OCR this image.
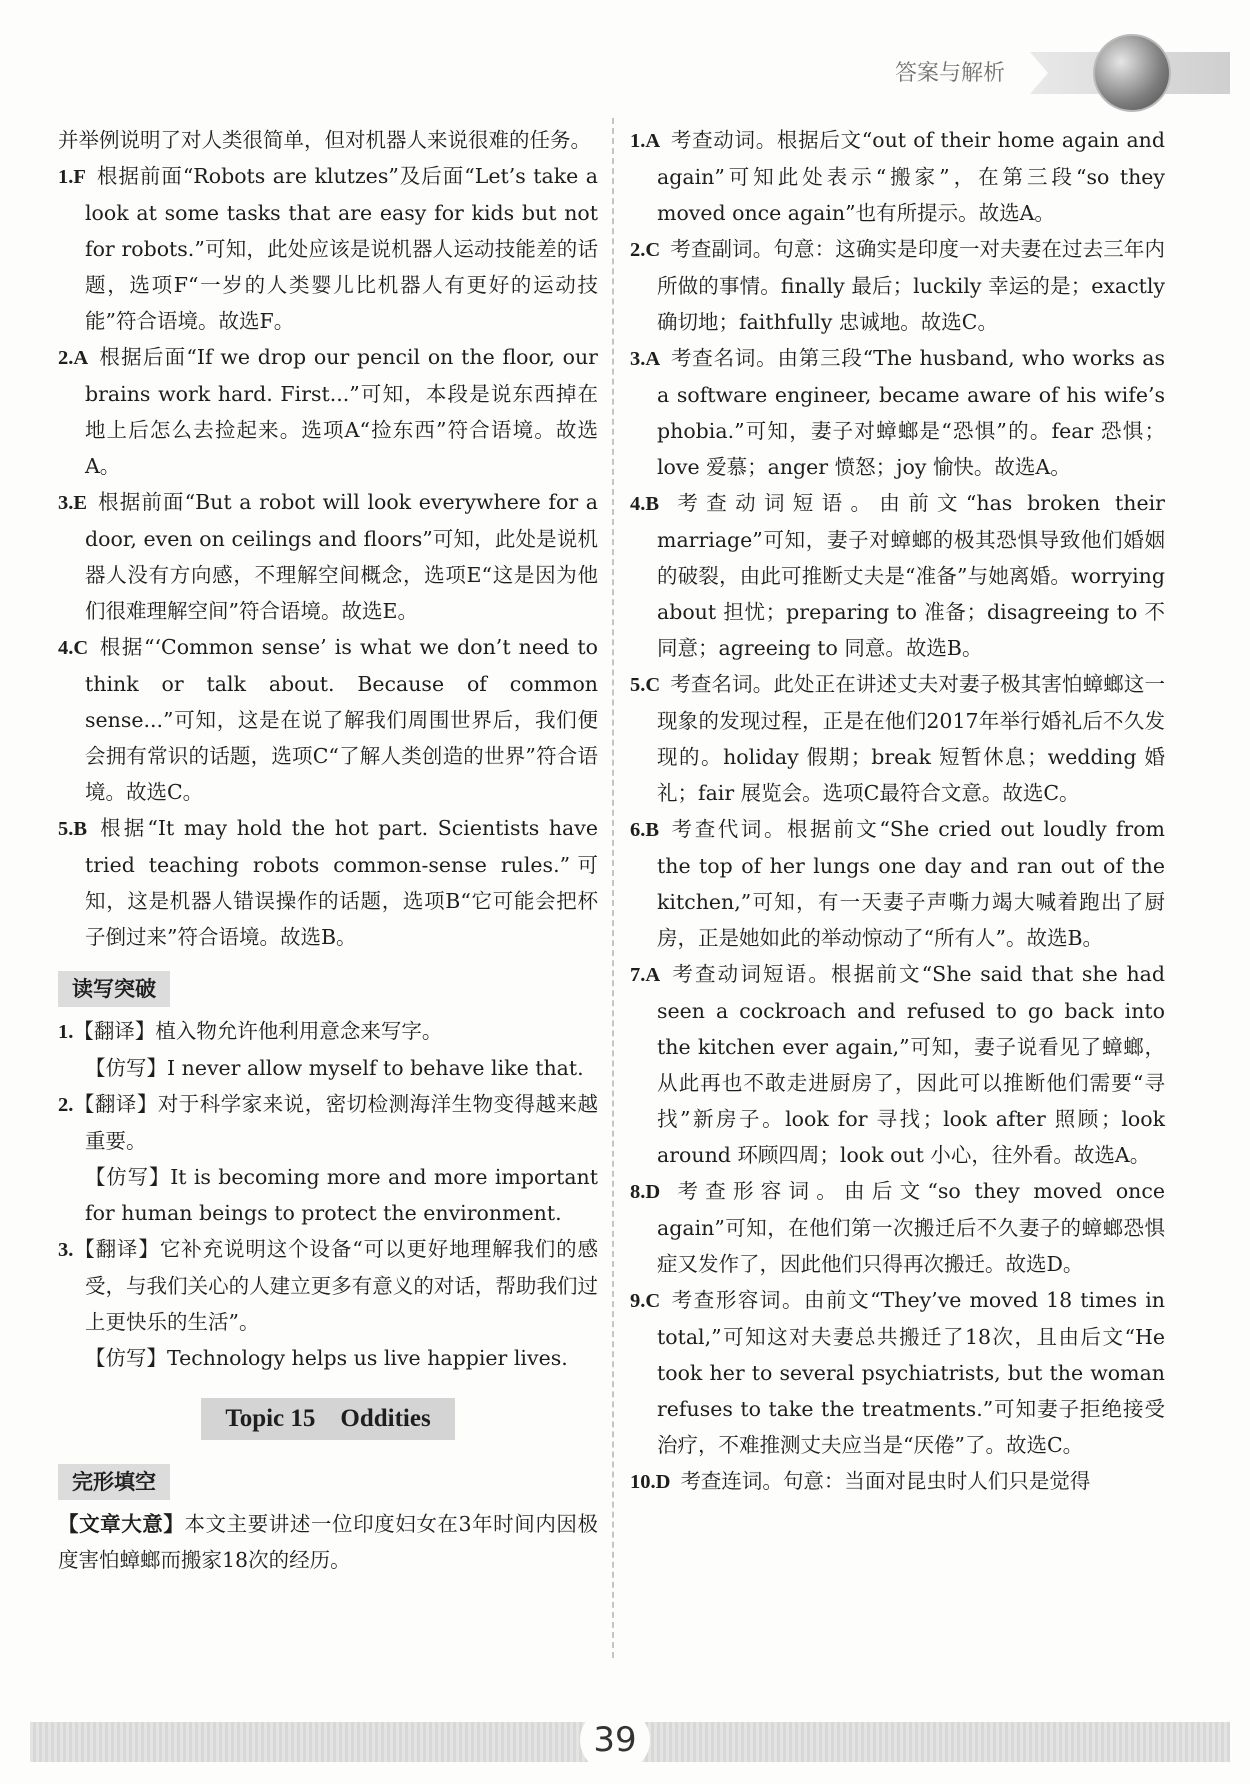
答案与解析

并举例说明了对人类很简单，但对机器人来说很难的任务。

1.F 根据前面“Robots are klutzes”及后面“Let’s take a look at some tasks that are easy for kids but not for robots.”可知，此处应该是说机器人运动技能差的话题，选项F“一岁的人类婴儿比机器人有更好的运动技能”符合语境。故选F。

2.A 根据后面“If we drop our pencil on the floor, our brains work hard. First...”可知，本段是说东西掉在地上后怎么去捡起来。选项A“捡东西”符合语境。故选A。

3.E 根据前面“But a robot will look everywhere for a door, even on ceilings and floors”可知，此处是说机器人没有方向感，不理解空间概念，选项E“这是因为他们很难理解空间”符合语境。故选E。

4.C 根据“‘Common sense’ is what we don’t need to think or talk about. Because of common sense...”可知，这是在说了解我们周围世界后，我们便会拥有常识的话题，选项C“了解人类创造的世界”符合语境。故选C。

5.B 根据“It may hold the hot part. Scientists have tried teaching robots common-sense rules.”可知，这是机器人错误操作的话题，选项B“它可能会把杯子倒过来”符合语境。故选B。

读写突破

1.【翻译】植入物允许他利用意念来写字。

【仿写】I never allow myself to behave like that.

2.【翻译】对于科学家来说，密切检测海洋生物变得越来越重要。

【仿写】It is becoming more and more important for human beings to protect the environment.

3.【翻译】它补充说明这个设备“可以更好地理解我们的感受，与我们关心的人建立更多有意义的对话，帮助我们过上更快乐的生活”。

【仿写】Technology helps us live happier lives.

Topic 15　Oddities
完形填空

【文章大意】本文主要讲述一位印度妇女在3年时间内因极度害怕蟑螂而搬家18次的经历。

1.A 考查动词。根据后文“out of their home again and again”可知此处表示“搬家”，在第三段“so they moved once again”也有所提示。故选A。

2.C 考查副词。句意：这确实是印度一对夫妻在过去三年内所做的事情。finally 最后；luckily 幸运的是；exactly 确切地；faithfully 忠诚地。故选C。

3.A 考查名词。由第三段“The husband, who works as a software engineer, became aware of his wife’s phobia.”可知，妻子对蟑螂是“恐惧”的。fear 恐惧；love 爱慕；anger 愤怒；joy 愉快。故选A。

4.B 考查动词短语。由前文“has broken their marriage”可知，妻子对蟑螂的极其恐惧导致他们婚姻的破裂，由此可推断丈夫是“准备”与她离婚。worrying about 担忧；preparing to 准备；disagreeing to 不同意；agreeing to 同意。故选B。

5.C 考查名词。此处正在讲述丈夫对妻子极其害怕蟑螂这一现象的发现过程，正是在他们2017年举行婚礼后不久发现的。holiday 假期；break 短暂休息；wedding 婚礼；fair 展览会。选项C最符合文意。故选C。

6.B 考查代词。根据前文“She cried out loudly from the top of her lungs one day and ran out of the kitchen,”可知，有一天妻子声嘶力竭大喊着跑出了厨房，正是她如此的举动惊动了“所有人”。故选B。

7.A 考查动词短语。根据前文“She said that she had seen a cockroach and refused to go back into the kitchen ever again,”可知，妻子说看见了蟑螂，从此再也不敢走进厨房了，因此可以推断他们需要“寻找”新房子。look for 寻找；look after 照顾；look around 环顾四周；look out 小心，往外看。故选A。

8.D 考查形容词。由后文“so they moved once again”可知，在他们第一次搬迁后不久妻子的蟑螂恐惧症又发作了，因此他们只得再次搬迁。故选D。

9.C 考查形容词。由前文“They’ve moved 18 times in total,”可知这对夫妻总共搬迁了18次，且由后文“He took her to several psychiatrists, but the woman refuses to take the treatments.”可知妻子拒绝接受治疗，不难推测丈夫应当是“厌倦”了。故选C。

10.D 考查连词。句意：当面对昆虫时人们只是觉得

39
